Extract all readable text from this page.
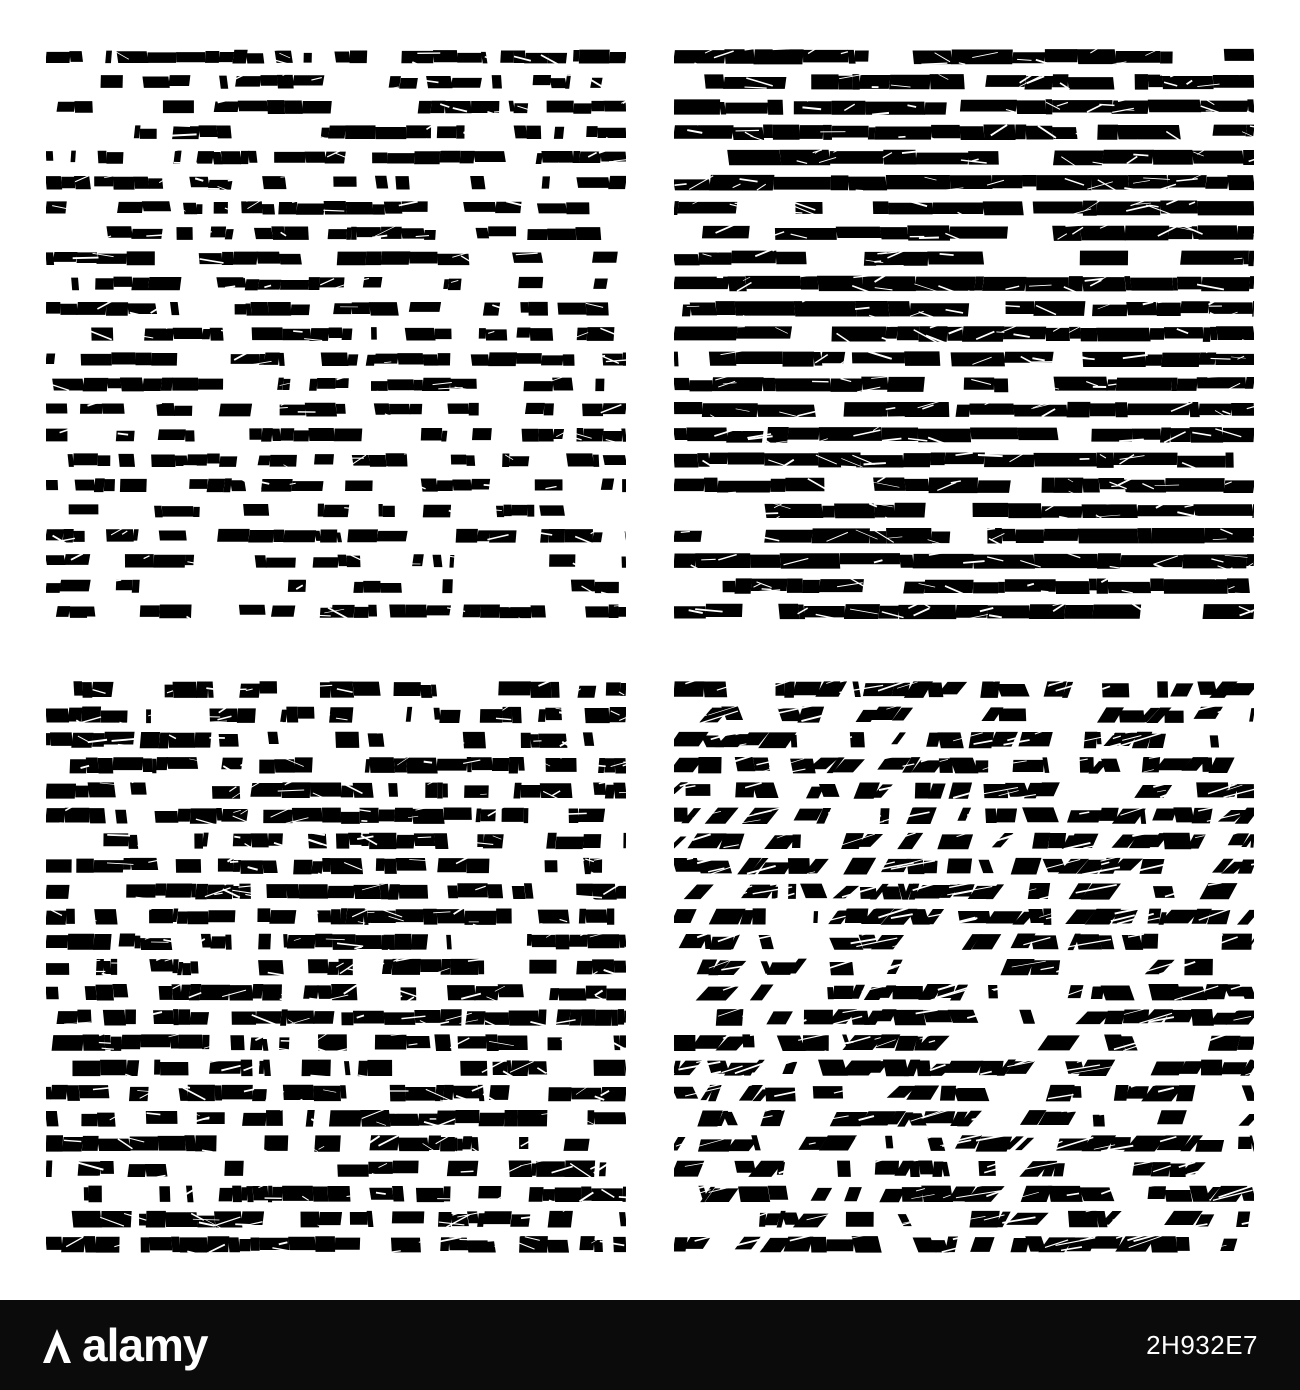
alamy	2H932E7
